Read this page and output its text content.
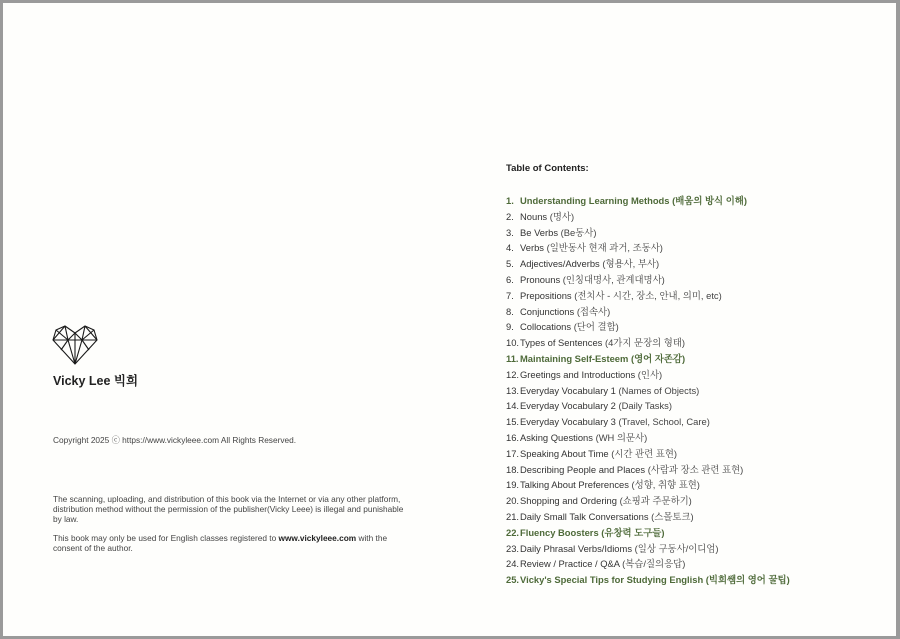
Vicky Lee 빅희
Copyright 2025 ⓒ https://www.vickyleee.com All Rights Reserved.

The scanning, uploading, and distribution of this book via the Internet or via any other platform, distribution method without the permission of the publisher(Vicky Leee) is illegal and punishable by law.

This book may only be used for English classes registered to www.vickyleee.com with the consent of the author.

Table of Contents:
1. Understanding Learning Methods (배움의 방식 이해)
2. Nouns (명사)
3. Be Verbs (Be동사)
4. Verbs (일반동사 현재 과거, 조동사)
5. Adjectives/Adverbs (형용사, 부사)
6. Pronouns (인칭대명사, 관계대명사)
7. Prepositions (전치사 - 시간, 장소, 안내, 의미, etc)
8. Conjunctions (접속사)
9. Collocations (단어 결합)
10.Types of Sentences (4가지 문장의 형태)
11.Maintaining Self-Esteem (영어 자존감)
12.Greetings and Introductions (인사)
13.Everyday Vocabulary 1 (Names of Objects)
14.Everyday Vocabulary 2 (Daily Tasks)
15.Everyday Vocabulary 3 (Travel, School, Care)
16.Asking Questions (WH 의문사)
17.Speaking About Time (시간 관련 표현)
18.Describing People and Places (사람과 장소 관련 표현)
19.Talking About Preferences (성향, 취향 표현)
20.Shopping and Ordering (쇼핑과 주문하기)
21.Daily Small Talk Conversations (스몰토크)
22.Fluency Boosters (유창력 도구들)
23.Daily Phrasal Verbs/Idioms (일상 구동사/이디엄)
24.Review / Practice / Q&A (복습/질의응답)
25.Vicky's Special Tips for Studying English (빅희쌤의 영어 꿀팁)
